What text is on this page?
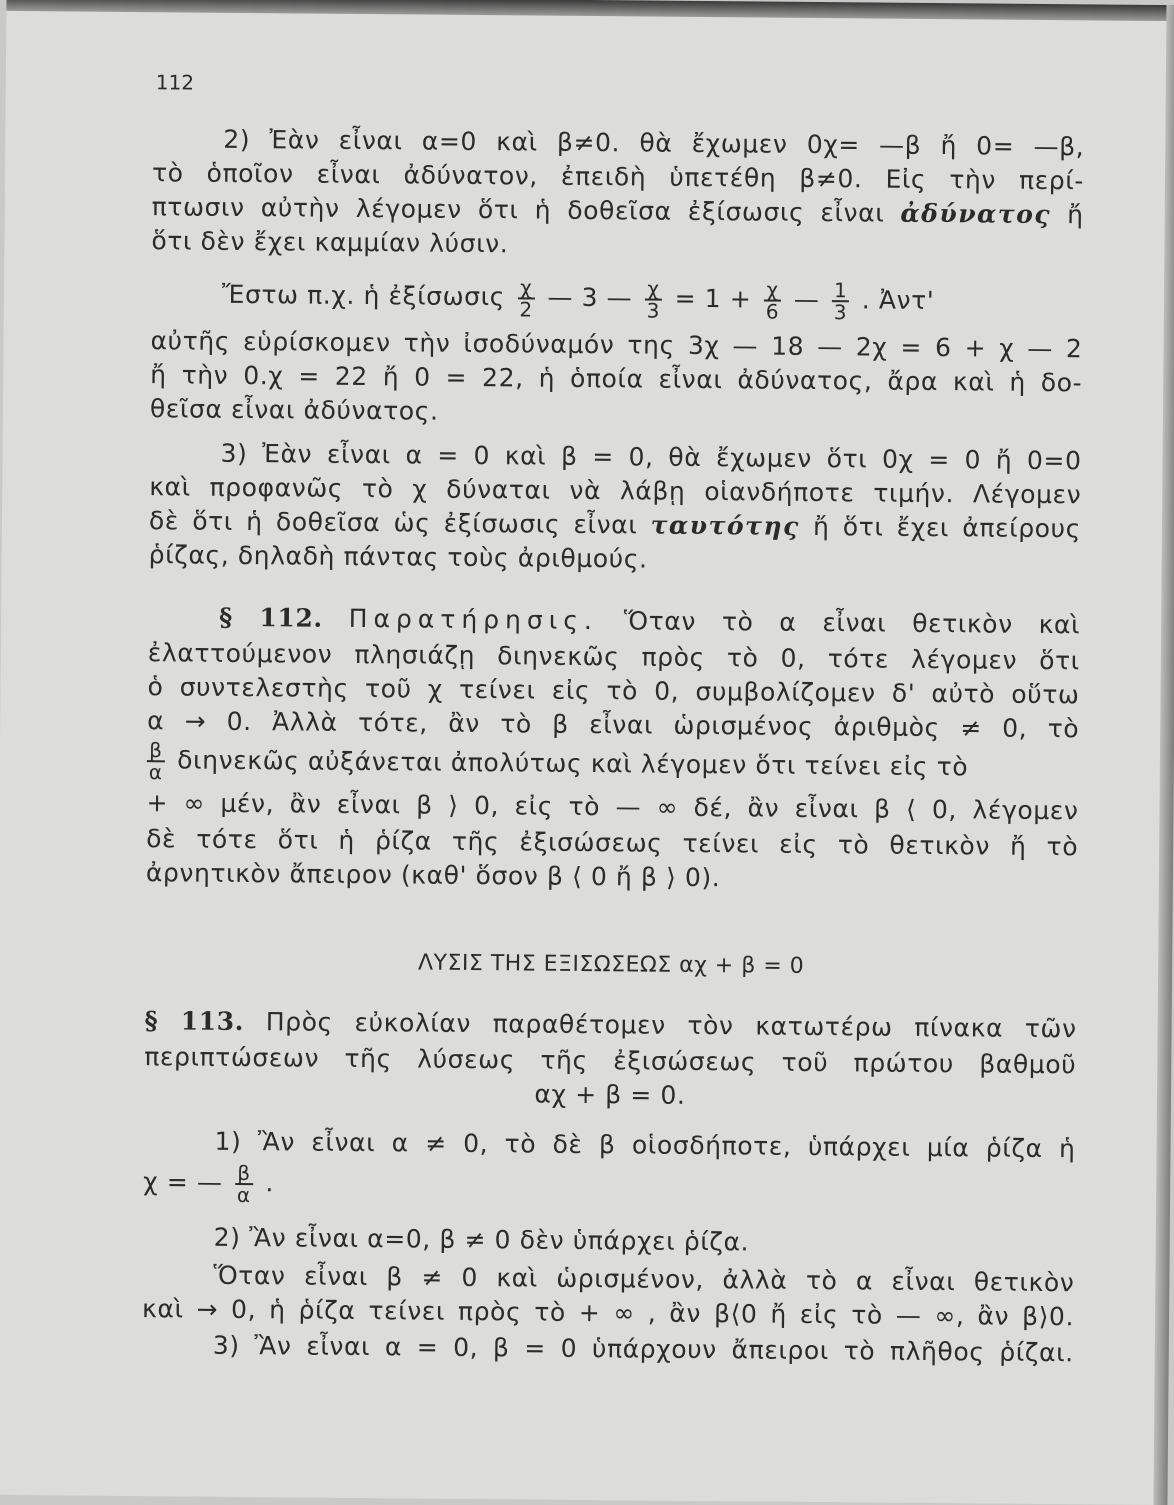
112
2) Ἐὰν εἶναι α=0 καὶ β≠0. θὰ ἔχωμεν 0χ= —β ἤ 0= —β,
τὸ ὁποῖον εἶναι ἀδύνατον, ἐπειδὴ ὑπετέθη β≠0. Εἰς τὴν περί-
πτωσιν αὐτὴν λέγομεν ὅτι ἡ δοθεῖσα ἐξίσωσις εἶναι ἀδύνατος ἤ
ὅτι δὲν ἔχει καμμίαν λύσιν.
Ἔστω π.χ. ἡ ἐξίσωσις $\frac{\chi}{2}$ — 3 — $\frac{\chi}{3} = 1 + \frac{\chi}{6}$ — $\frac{1}{3}$ . Ἀντ'
αὐτῆς εὑρίσκομεν τὴν ἰσοδύναμόν της 3χ — 18 — 2χ = 6 + χ — 2
ἤ τὴν 0.χ = 22 ἤ 0 = 22, ἡ ὁποία εἶναι ἀδύνατος, ἄρα καὶ ἡ δο-
θεῖσα εἶναι ἀδύνατος.
3) Ἐὰν εἶναι α = 0 καὶ β = 0, θὰ ἔχωμεν ὅτι 0χ = 0 ἤ 0=0
καὶ προφανῶς τὸ χ δύναται νὰ λάβῃ οἱανδήποτε τιμήν. Λέγομεν
δὲ ὅτι ἡ δοθεῖσα ὡς ἐξίσωσις εἶναι ταυτότης ἤ ὅτι ἔχει ἀπείρους
ῥίζας, δηλαδὴ πάντας τοὺς ἀριθμούς.
§ 112. Παρατήρησις. Ὅταν τὸ α εἶναι θετικὸν καὶ
ἐλαττούμενον πλησιάζῃ διηνεκῶς πρὸς τὸ 0, τότε λέγομεν ὅτι
ὁ συντελεστὴς τοῦ χ τείνει εἰς τὸ 0, συμβολίζομεν δ' αὐτὸ οὕτω
α → 0. Ἀλλὰ τότε, ἂν τὸ β εἶναι ὡρισμένος ἀριθμὸς ≠ 0, τὸ
$\frac{\beta}{\alpha}$ διηνεκῶς αὐξάνεται ἀπολύτως καὶ λέγομεν ὅτι τείνει εἰς τὸ
+ ∞ μέν, ἂν εἶναι β ⟩ 0, εἰς τὸ — ∞ δέ, ἂν εἶναι β ⟨ 0, λέγομεν
δὲ τότε ὅτι ἡ ῥίζα τῆς ἐξισώσεως τείνει εἰς τὸ θετικὸν ἤ τὸ
ἀρνητικὸν ἄπειρον (καθ' ὅσον β ⟨ 0 ἤ β ⟩ 0).
ΛΥΣΙΣ ΤΗΣ ΕΞΙΣΩΣΕΩΣ αχ + β = 0
§ 113. Πρὸς εὐκολίαν παραθέτομεν τὸν κατωτέρω πίνακα τῶν
περιπτώσεων τῆς λύσεως τῆς ἐξισώσεως τοῦ πρώτου βαθμοῦ
αχ + β = 0.
1) Ἂν εἶναι α ≠ 0, τὸ δὲ β οἱοσδήποτε, ὑπάρχει μία ῥίζα ἡ
χ = — $\frac{\beta}{\alpha}$ .
2) Ἂν εἶναι α=0, β ≠ 0 δὲν ὑπάρχει ῥίζα.
Ὅταν εἶναι β ≠ 0 καὶ ὡρισμένον, ἀλλὰ τὸ α εἶναι θετικὸν
καὶ → 0, ἡ ῥίζα τείνει πρὸς τὸ + ∞ , ἂν β⟨0 ἤ εἰς τὸ — ∞, ἂν β⟩0.
3) Ἂν εἶναι α = 0, β = 0 ὑπάρχουν ἄπειροι τὸ πλῆθος ῥίζαι.
